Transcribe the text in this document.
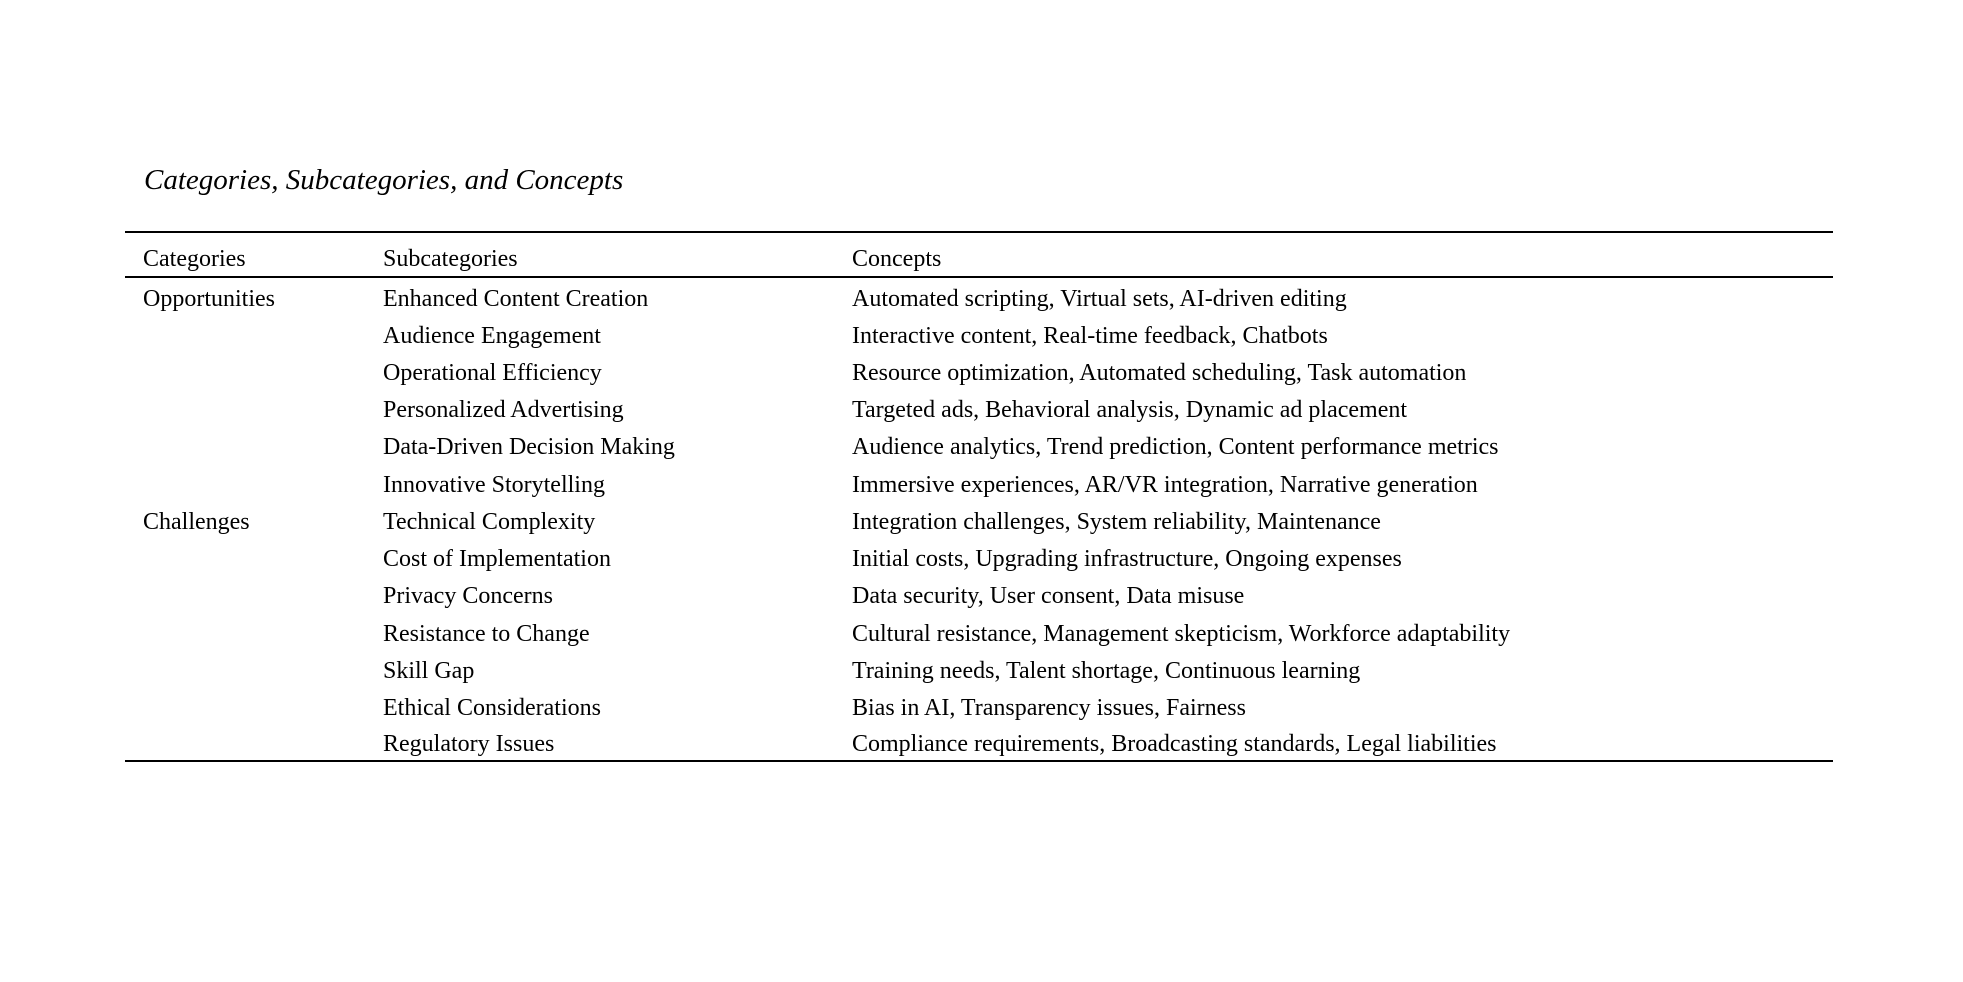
Categories, Subcategories, and Concepts
Categories	Subcategories	Concepts
Opportunities	Enhanced Content Creation	Automated scripting, Virtual sets, AI-driven editing
	Audience Engagement	Interactive content, Real-time feedback, Chatbots
	Operational Efficiency	Resource optimization, Automated scheduling, Task automation
	Personalized Advertising	Targeted ads, Behavioral analysis, Dynamic ad placement
	Data-Driven Decision Making	Audience analytics, Trend prediction, Content performance metrics
	Innovative Storytelling	Immersive experiences, AR/VR integration, Narrative generation
Challenges	Technical Complexity	Integration challenges, System reliability, Maintenance
	Cost of Implementation	Initial costs, Upgrading infrastructure, Ongoing expenses
	Privacy Concerns	Data security, User consent, Data misuse
	Resistance to Change	Cultural resistance, Management skepticism, Workforce adaptability
	Skill Gap	Training needs, Talent shortage, Continuous learning
	Ethical Considerations	Bias in AI, Transparency issues, Fairness
	Regulatory Issues	Compliance requirements, Broadcasting standards, Legal liabilities
